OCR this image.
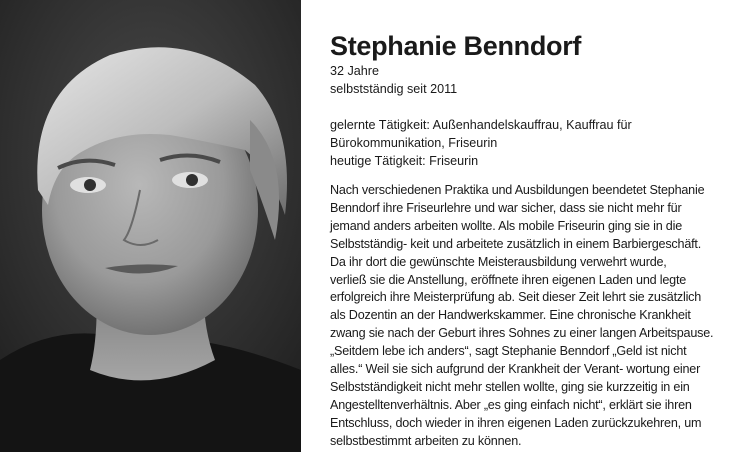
Stephanie Benndorf

32 Jahre

selbstständig seit 2011

gelernte Tätigkeit: Außenhandelskauffrau, Kauffrau für

Bürokommunikation, Friseurin

heutige Tätigkeit: Friseurin

Nach verschiedenen Praktika und Ausbildungen beendetet Stephanie

Benndorf ihre Friseurlehre und war sicher, dass sie nicht mehr für

jemand anders arbeiten wollte. Als mobile Friseurin ging sie in die

Selbstständig- keit und arbeitete zusätzlich in einem Barbiergeschäft.

Da ihr dort die gewünschte Meisterausbildung verwehrt wurde,

verließ sie die Anstellung, eröffnete ihren eigenen Laden und legte

erfolgreich ihre Meisterprüfung ab. Seit dieser Zeit lehrt sie zusätzlich

als Dozentin an der Handwerkskammer. Eine chronische Krankheit

zwang sie nach der Geburt ihres Sohnes zu einer langen Arbeitspause.

„Seitdem lebe ich anders“, sagt Stephanie Benndorf „Geld ist nicht

alles.“ Weil sie sich aufgrund der Krankheit der Verant- wortung einer

Selbstständigkeit nicht mehr stellen wollte, ging sie kurzzeitig in ein

Angestelltenverhältnis. Aber „es ging einfach nicht“, erklärt sie ihren

Entschluss, doch wieder in ihren eigenen Laden zurückzukehren, um

selbstbestimmt arbeiten zu können.
